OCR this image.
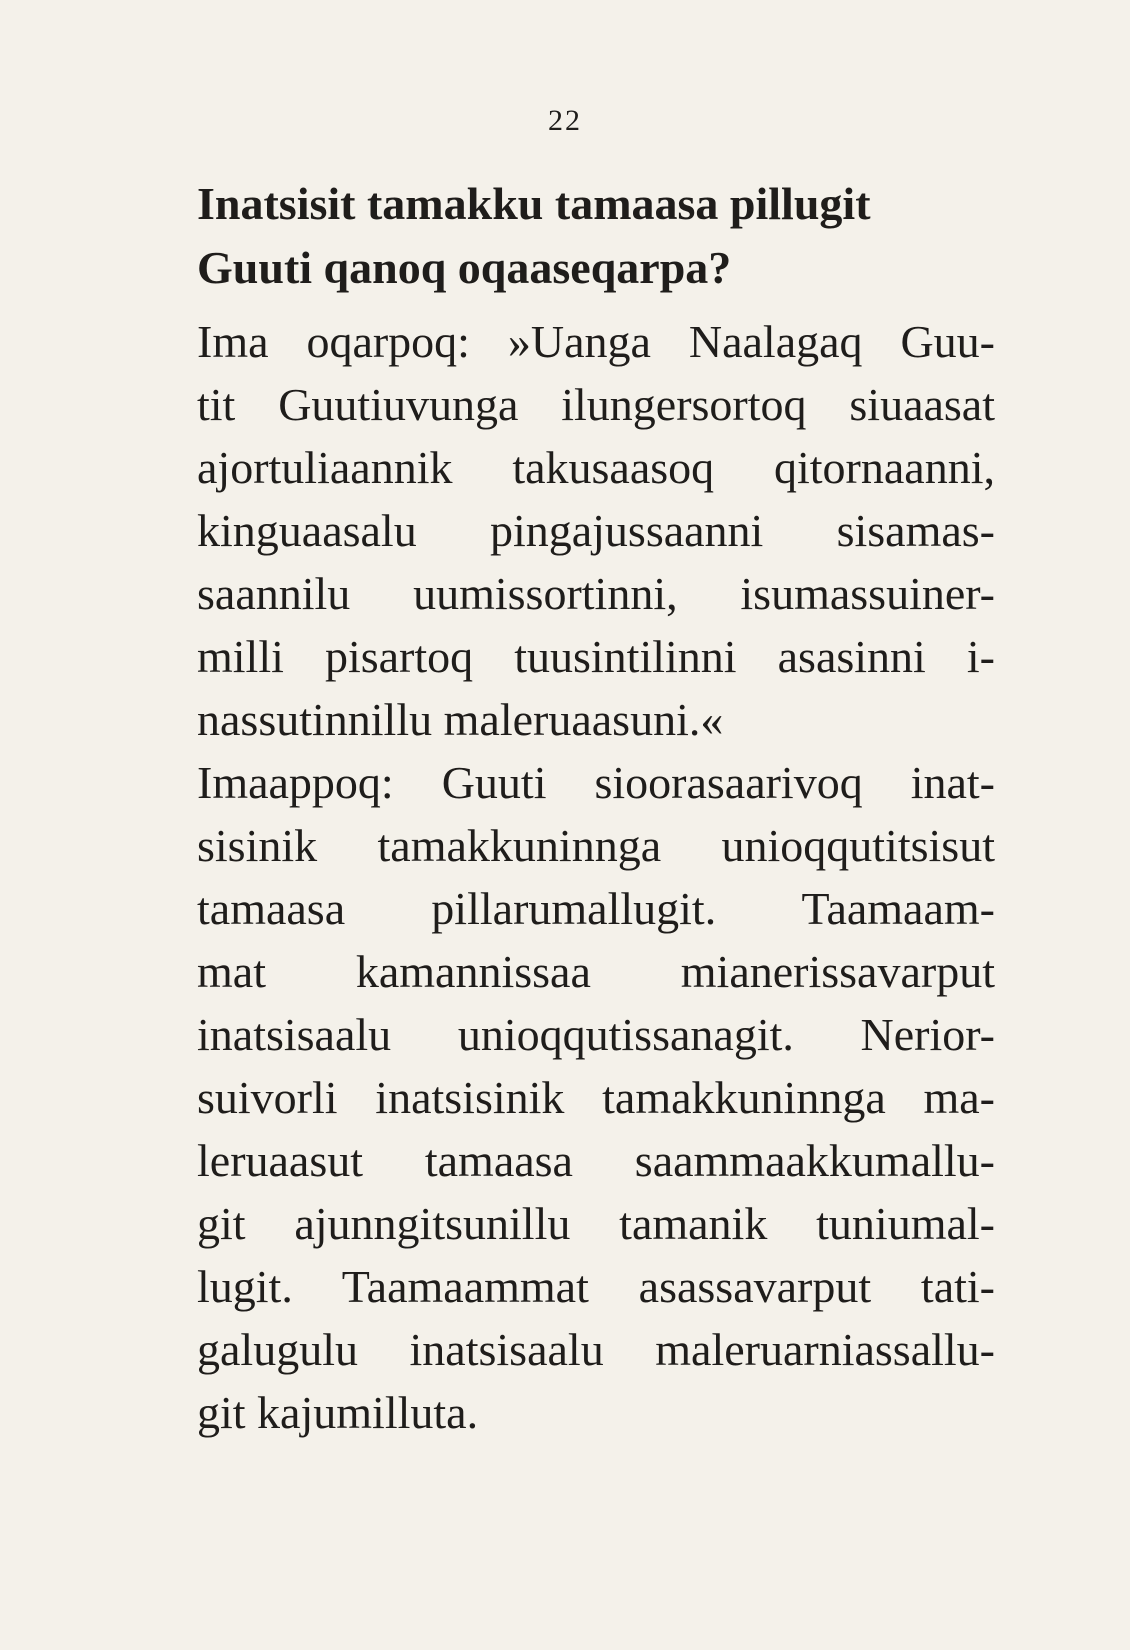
22
Inatsisit tamakku tamaasa pillugit
Guuti qanoq oqaaseqarpa?
Ima oqarpoq: »Uanga Naalagaq Guu-
tit Guutiuvunga ilungersortoq siuaasat
ajortuliaannik takusaasoq qitornaanni,
kinguaasalu pingajussaanni sisamas-
saannilu uumissortinni, isumassuiner-
milli pisartoq tuusintilinni asasinni i-
nassutinnillu maleruaasuni.«
Imaappoq: Guuti sioorasaarivoq inat-
sisinik tamakkuninnga unioqqutitsisut
tamaasa pillarumallugit. Taamaam-
mat kamannissaa mianerissavarput
inatsisaalu unioqqutissanagit. Nerior-
suivorli inatsisinik tamakkuninnga ma-
leruaasut tamaasa saammaakkumallu-
git ajunngitsunillu tamanik tuniumal-
lugit. Taamaammat asassavarput tati-
galugulu inatsisaalu maleruarniassallu-
git kajumilluta.
